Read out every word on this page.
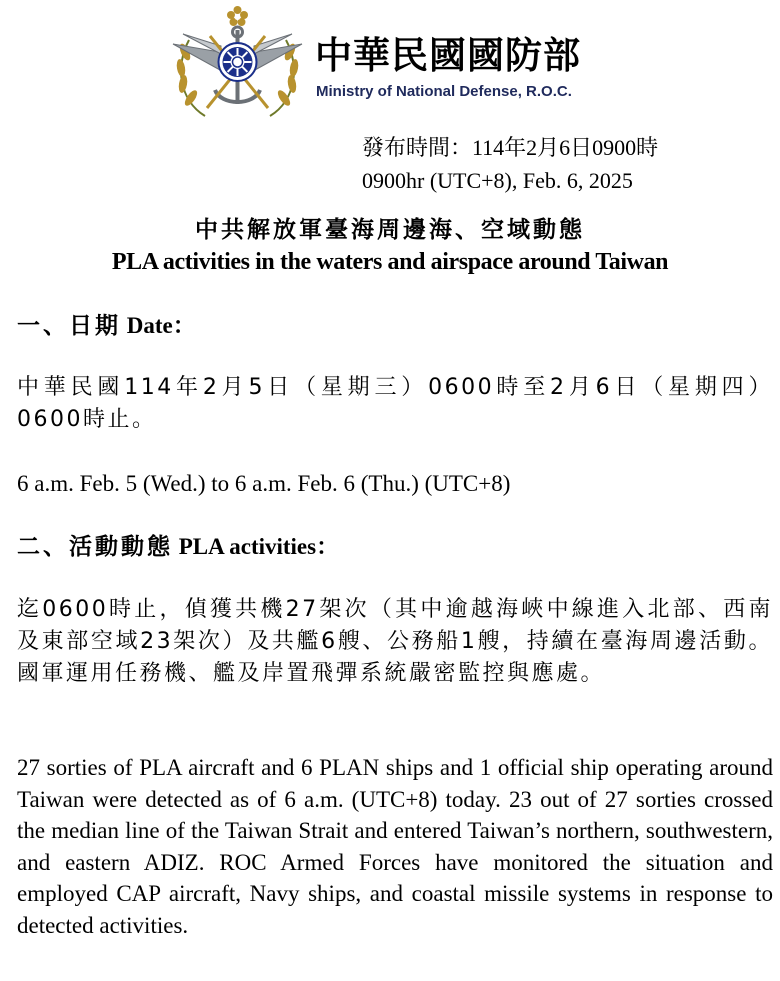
中華民國國防部
Ministry of National Defense, R.O.C.
發布時間：114年2月6日0900時
0900hr (UTC+8), Feb. 6, 2025
中共解放軍臺海周邊海、空域動態
PLA activities in the waters and airspace around Taiwan
一、日期 Date：
中華民國114年2月5日（星期三）0600時至2月6日（星期四）0600時止。
6 a.m. Feb. 5 (Wed.) to 6 a.m. Feb. 6 (Thu.) (UTC+8)
二、活動動態 PLA activities：
迄0600時止，偵獲共機27架次（其中逾越海峽中線進入北部、西南及東部空域23架次）及共艦6艘、公務船1艘，持續在臺海周邊活動。國軍運用任務機、艦及岸置飛彈系統嚴密監控與應處。
27 sorties of PLA aircraft and 6 PLAN ships and 1 official ship operating around Taiwan were detected as of 6 a.m. (UTC+8) today. 23 out of 27 sorties crossed the median line of the Taiwan Strait and entered Taiwan’s northern, southwestern, and eastern ADIZ. ROC Armed Forces have monitored the situation and employed CAP aircraft, Navy ships, and coastal missile systems in response to detected activities.
